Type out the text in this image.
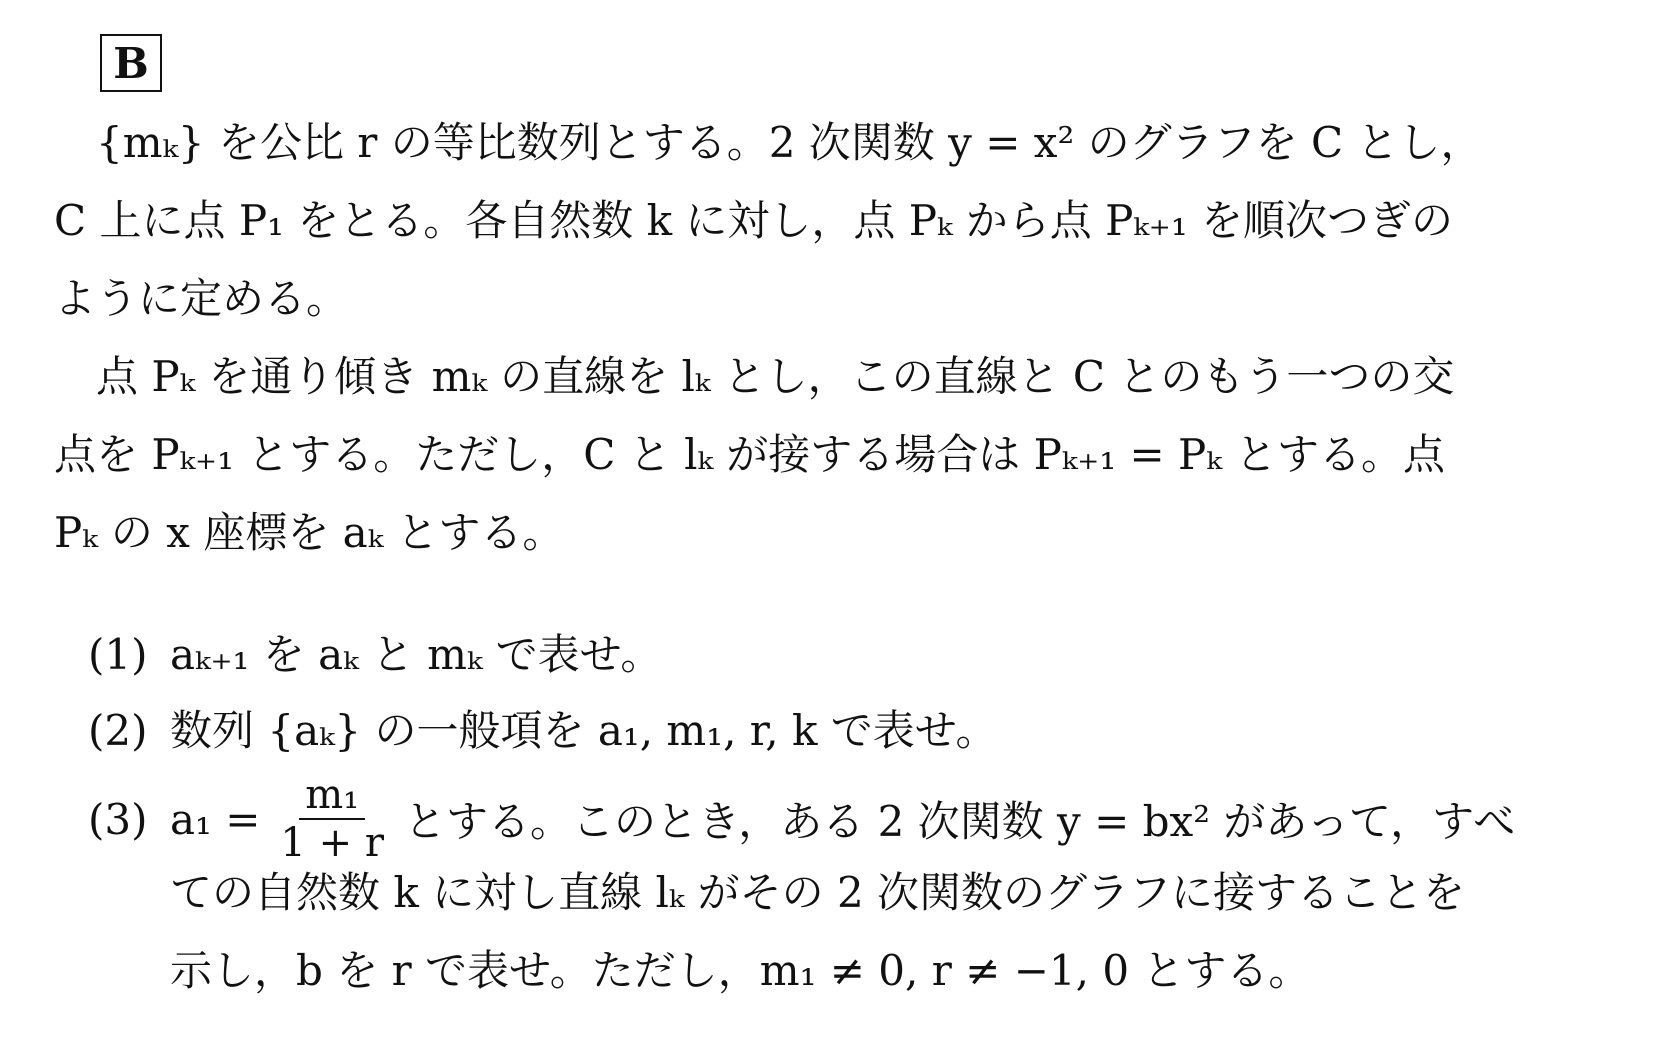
B
　{mₖ} を公比 r の等比数列とする。2 次関数 y = x² のグラフを C とし，
C 上に点 P₁ をとる。各自然数 k に対し，点 Pₖ から点 Pₖ₊₁ を順次つぎの
ように定める。
　点 Pₖ を通り傾き mₖ の直線を lₖ とし，この直線と C とのもう一つの交
点を Pₖ₊₁ とする。ただし，C と lₖ が接する場合は Pₖ₊₁ = Pₖ とする。点
Pₖ の x 座標を aₖ とする。
(1) aₖ₊₁ を aₖ と mₖ で表せ。
(2) 数列 {aₖ} の一般項を a₁, m₁, r, k で表せ。
(3) $a_1 = \frac{\text{m₁}}{1 + r}$ とする。このとき，ある 2 次関数 y = bx² があって，すべ
ての自然数 k に対し直線 lₖ がその 2 次関数のグラフに接することを
示し，b を r で表せ。ただし，m₁ ≠ 0, r ≠ −1, 0 とする。
